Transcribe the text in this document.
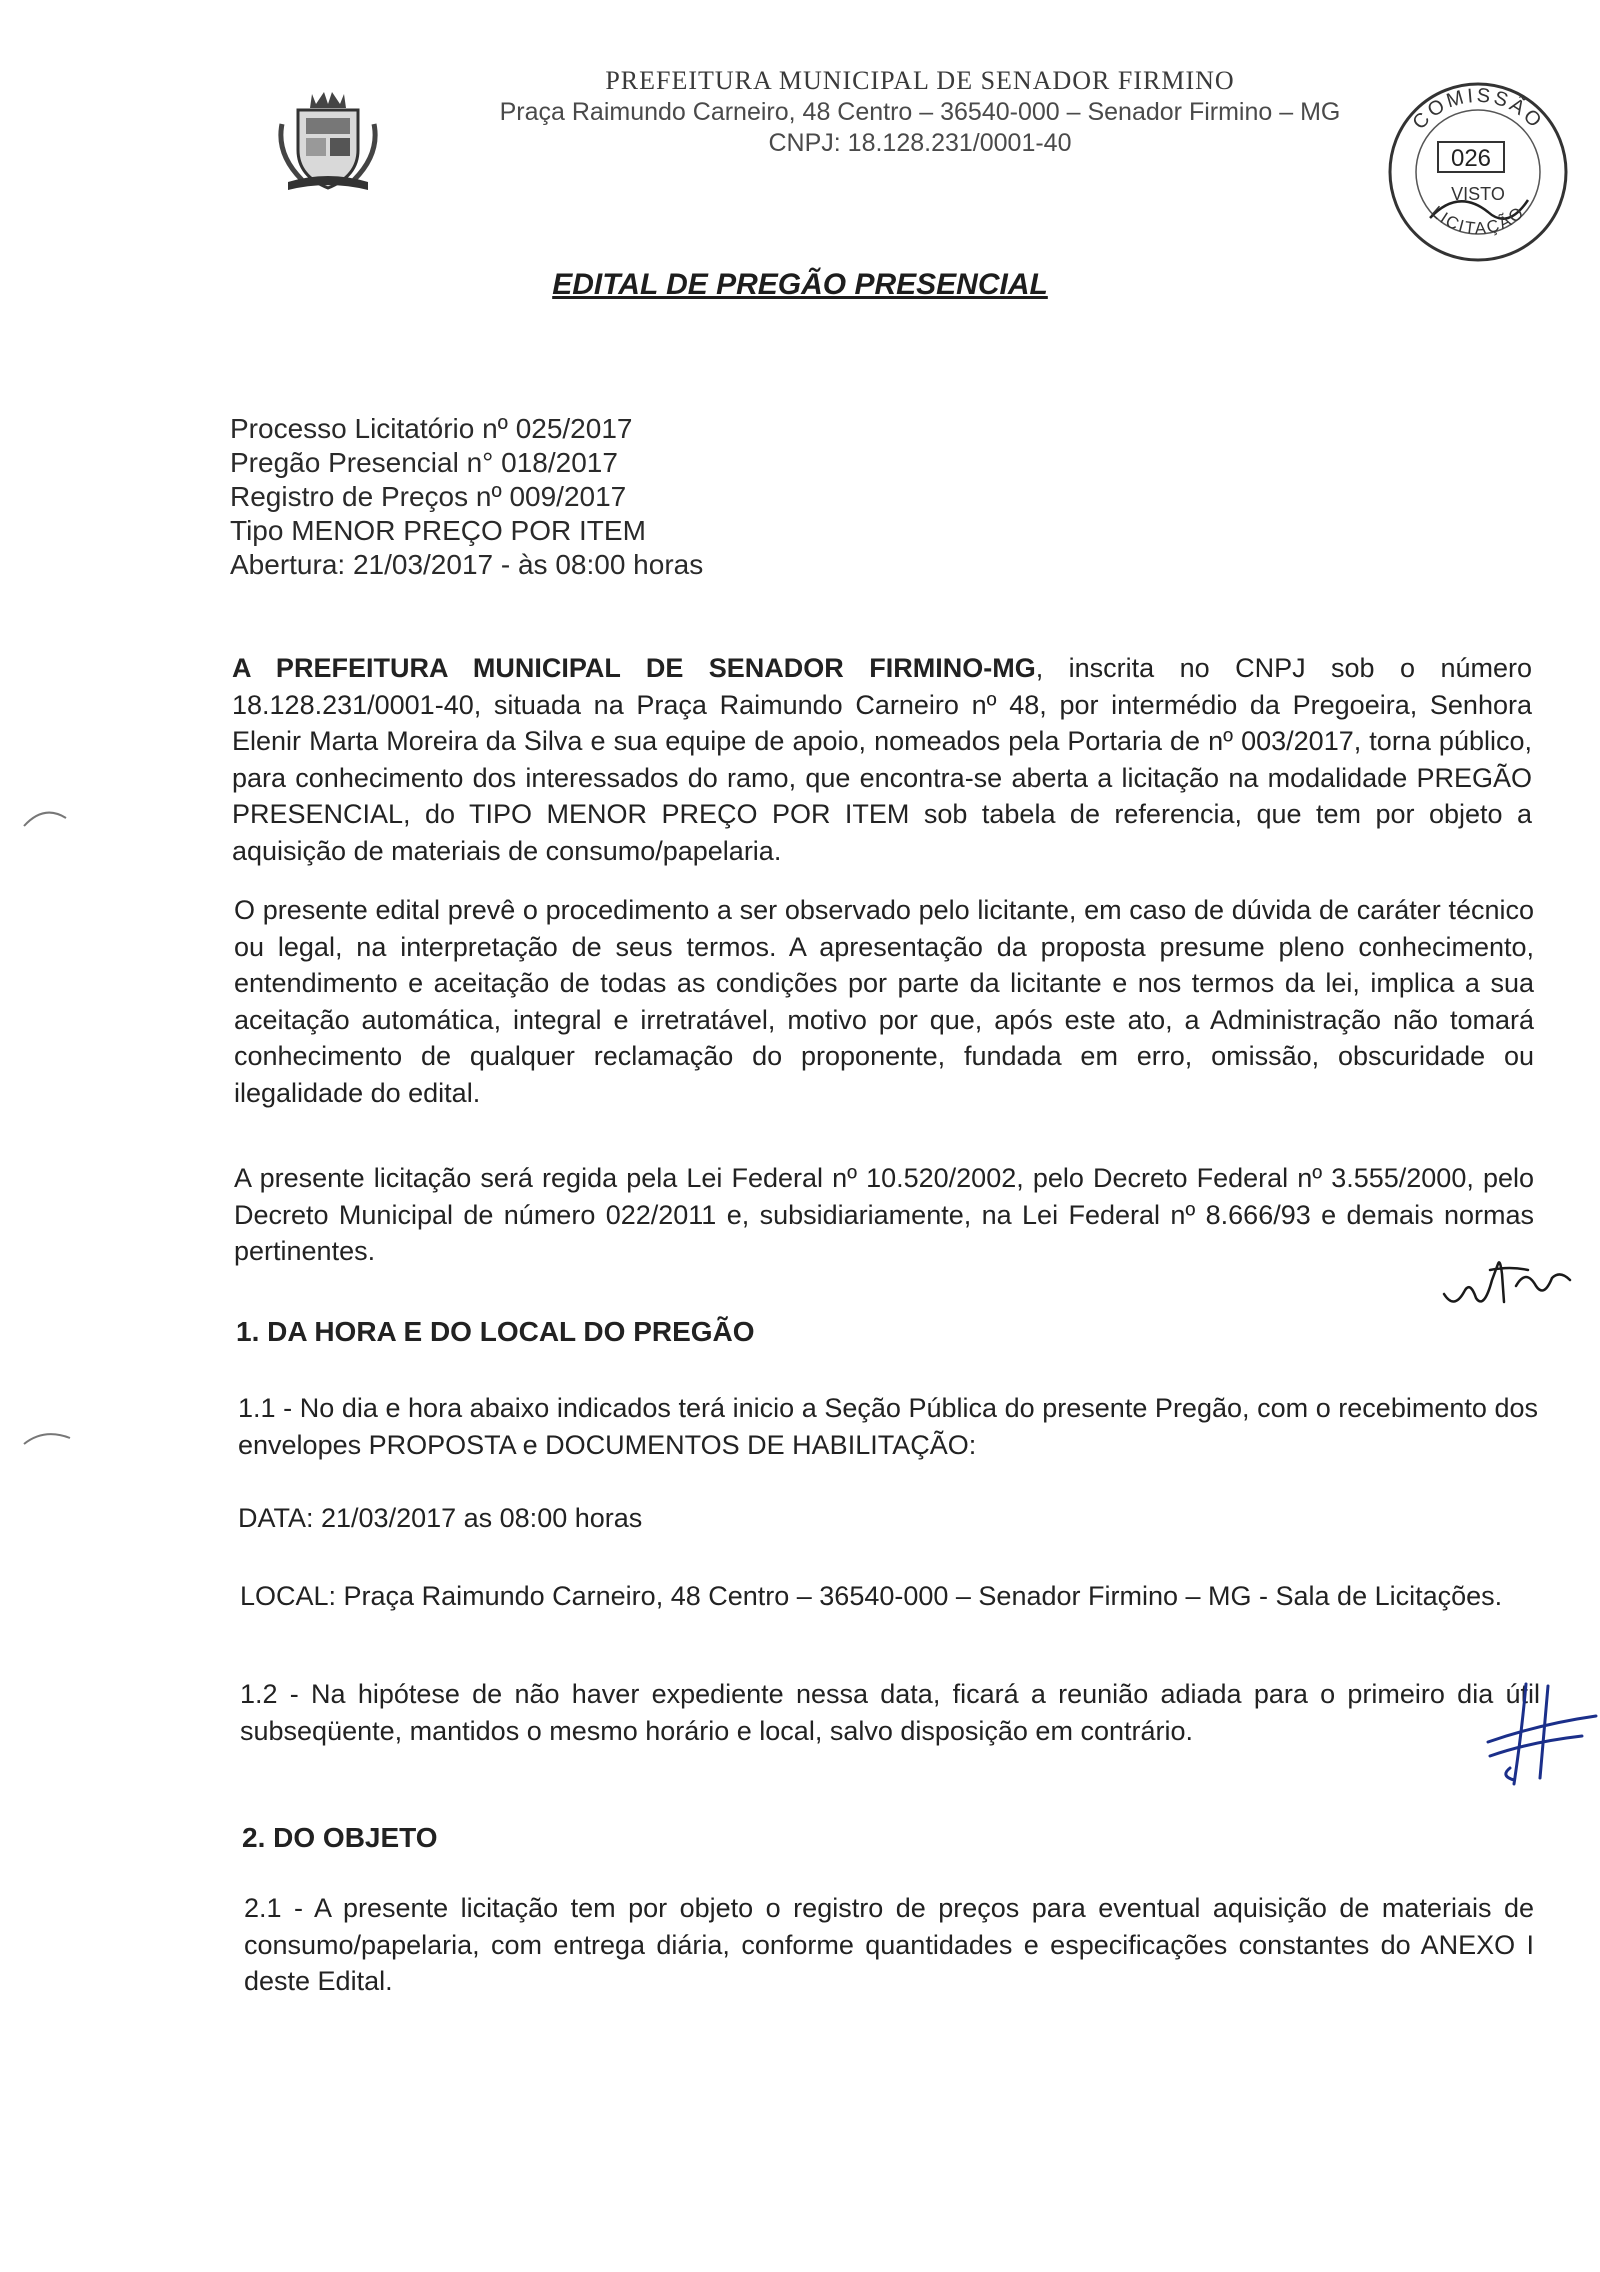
PREFEITURA MUNICIPAL DE SENADOR FIRMINO
Praça Raimundo Carneiro, 48 Centro – 36540-000 – Senador Firmino – MG
CNPJ: 18.128.231/0001-40
COMISSÃO
026
VISTO
LICITAÇÃO
EDITAL DE PREGÃO PRESENCIAL
Processo Licitatório nº 025/2017
Pregão Presencial n° 018/2017
Registro de Preços nº 009/2017
Tipo MENOR PREÇO POR ITEM
Abertura: 21/03/2017 - às 08:00 horas

A PREFEITURA MUNICIPAL DE SENADOR FIRMINO-MG, inscrita no CNPJ sob o número 18.128.231/0001-40, situada na Praça Raimundo Carneiro nº 48, por intermédio da Pregoeira, Senhora Elenir Marta Moreira da Silva e sua equipe de apoio, nomeados pela Portaria de nº 003/2017, torna público, para conhecimento dos interessados do ramo, que encontra-se aberta a licitação na modalidade PREGÃO PRESENCIAL, do TIPO MENOR PREÇO POR ITEM sob tabela de referencia, que tem por objeto a aquisição de materiais de consumo/papelaria.

O presente edital prevê o procedimento a ser observado pelo licitante, em caso de dúvida de caráter técnico ou legal, na interpretação de seus termos. A apresentação da proposta presume pleno conhecimento, entendimento e aceitação de todas as condições por parte da licitante e nos termos da lei, implica a sua aceitação automática, integral e irretratável, motivo por que, após este ato, a Administração não tomará conhecimento de qualquer reclamação do proponente, fundada em erro, omissão, obscuridade ou ilegalidade do edital.

A presente licitação será regida pela Lei Federal nº 10.520/2002, pelo Decreto Federal nº 3.555/2000, pelo Decreto Municipal de número 022/2011 e, subsidiariamente, na Lei Federal nº 8.666/93 e demais normas pertinentes.

1. DA HORA E DO LOCAL DO PREGÃO

1.1 - No dia e hora abaixo indicados terá inicio a Seção Pública do presente Pregão, com o recebimento dos envelopes PROPOSTA e DOCUMENTOS DE HABILITAÇÃO:

DATA: 21/03/2017 as 08:00 horas

LOCAL: Praça Raimundo Carneiro, 48 Centro – 36540-000 – Senador Firmino – MG - Sala de Licitações.

1.2 - Na hipótese de não haver expediente nessa data, ficará a reunião adiada para o primeiro dia útil subseqüente, mantidos o mesmo horário e local, salvo disposição em contrário.

2. DO OBJETO

2.1 - A presente licitação tem por objeto o registro de preços para eventual aquisição de materiais de consumo/papelaria, com entrega diária, conforme quantidades e especificações constantes do ANEXO I deste Edital.
